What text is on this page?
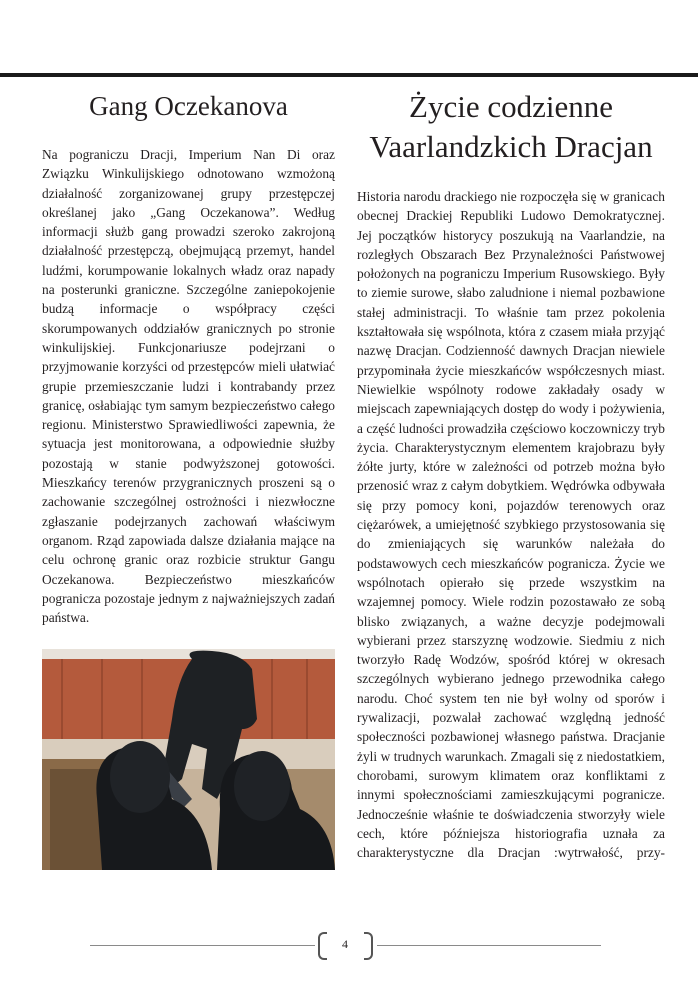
Gang Oczekanova

Na pograniczu Dracji, Imperium Nan Di oraz Związku Winkulijskiego odnotowano wzmożoną działalność zorganizowanej grupy przestępczej określanej jako „Gang Oczekanowa”. Według informacji służb gang prowadzi szeroko zakrojoną działalność przestępczą, obejmującą przemyt, handel ludźmi, korumpowanie lokalnych władz oraz napady na posterunki graniczne. Szczególne zaniepokojenie budzą informacje o współpracy części skorumpowanych oddziałów granicznych po stronie winkulijskiej. Funkcjonariusze podejrzani o przyjmowanie korzyści od przestępców mieli ułatwiać grupie przemieszczanie ludzi i kontrabandy przez granicę, osłabiając tym samym bezpieczeństwo całego regionu. Ministerstwo Sprawiedliwości zapewnia, że sytuacja jest monitorowana, a odpowiednie służby pozostają w stanie podwyższonej gotowości. Mieszkańcy terenów przygranicznych proszeni są o zachowanie szczególnej ostrożności i niezwłoczne zgłaszanie podejrzanych zachowań właściwym organom. Rząd zapowiada dalsze działania mające na celu ochronę granic oraz rozbicie struktur Gangu Oczekanowa. Bezpieczeństwo mieszkańców pogranicza pozostaje jednym z najważniejszych zadań państwa.

Życie codzienne
Vaarlandzkich Dracjan

Historia narodu drackiego nie rozpoczęła się w granicach obecnej Drackiej Republiki Ludowo Demokratycznej. Jej początków historycy poszukują na Vaarlandzie, na rozległych Obszarach Bez Przynależności Państwowej położonych na pograniczu Imperium Rusowskiego. Były to ziemie surowe, słabo zaludnione i niemal pozbawione stałej administracji. To właśnie tam przez pokolenia kształtowała się wspólnota, która z czasem miała przyjąć nazwę Dracjan. Codzienność dawnych Dracjan niewiele przypominała życie mieszkańców współczesnych miast. Niewielkie wspólnoty rodowe zakładały osady w miejscach zapewniających dostęp do wody i pożywienia, a część ludności prowadziła częściowo koczowniczy tryb życia. Charakterystycznym elementem krajobrazu były żółte jurty, które w zależności od potrzeb można było przenosić wraz z całym dobytkiem. Wędrówka odbywała się przy pomocy koni, pojazdów terenowych oraz ciężarówek, a umiejętność szybkiego przystosowania się do zmieniających się warunków należała do podstawowych cech mieszkańców pogranicza. Życie we wspólnotach opierało się przede wszystkim na wzajemnej pomocy. Wiele rodzin pozostawało ze sobą blisko związanych, a ważne decyzje podejmowali wybierani przez starszyznę wodzowie. Siedmiu z nich tworzyło Radę Wodzów, spośród której w okresach szczególnych wybierano jednego przewodnika całego narodu. Choć system ten nie był wolny od sporów i rywalizacji, pozwalał zachować względną jedność społeczności pozbawionej własnego państwa. Dracjanie żyli w trudnych warunkach. Zmagali się z niedostatkiem, chorobami, surowym klimatem oraz konfliktami z innymi społecznościami zamieszkującymi pogranicze. Jednocześnie właśnie te doświadczenia stworzyły wiele cech, które późniejsza historiografia uznała za charakterystyczne dla Dracjan :wytrwałość, przy-

4
